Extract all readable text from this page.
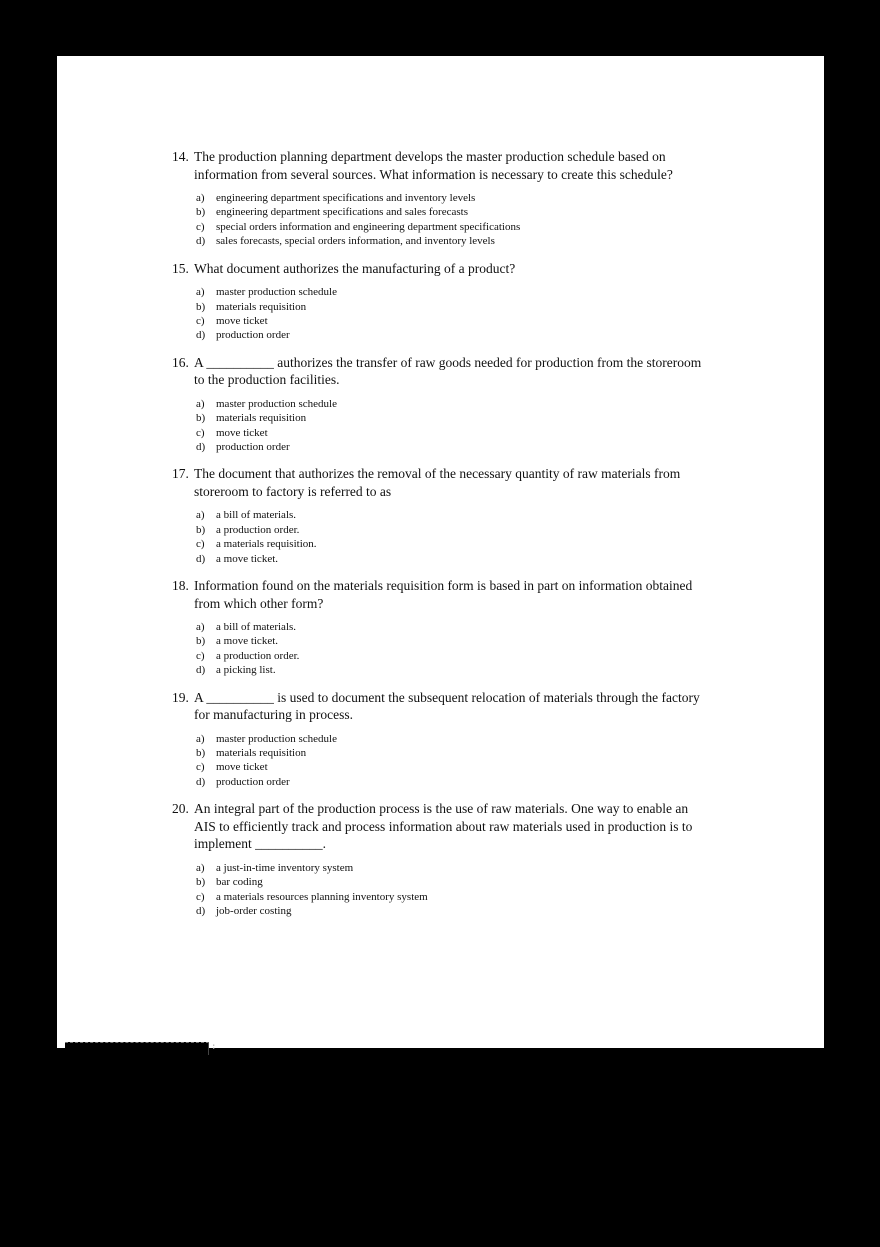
14. The production planning department develops the master production schedule based on information from several sources. What information is necessary to create this schedule?
a)	engineering department specifications and inventory levels
b) engineering department specifications and sales forecasts
c)	special orders information and engineering department specifications
d) sales forecasts, special orders information, and inventory levels
15. What document authorizes the manufacturing of a product?
a)	master production schedule
b) materials requisition
c)	move ticket
d) production order
16. A __________ authorizes the transfer of raw goods needed for production from the storeroom to the production facilities.
a)	master production schedule
b) materials requisition
c)	move ticket
d) production order
17. The document that authorizes the removal of the necessary quantity of raw materials from storeroom to factory is referred to as
a)	a bill of materials.
b) a production order.
c)	a materials requisition.
d) a move ticket.
18. Information found on the materials requisition form is based in part on information obtained from which other form?
a)	a bill of materials.
b) a move ticket.
c)	a production order.
d) a picking list.
19. A __________ is used to document the subsequent relocation of materials through the factory for manufacturing in process.
a)	master production schedule
b) materials requisition
c)	move ticket
d) production order
20. An integral part of the production process is the use of raw materials. One way to enable an AIS to efficiently track and process information about raw materials used in production is to implement __________.
a)	a just-in-time inventory system
b) bar coding
c)	a materials resources planning inventory system
d) job-order costing
:
